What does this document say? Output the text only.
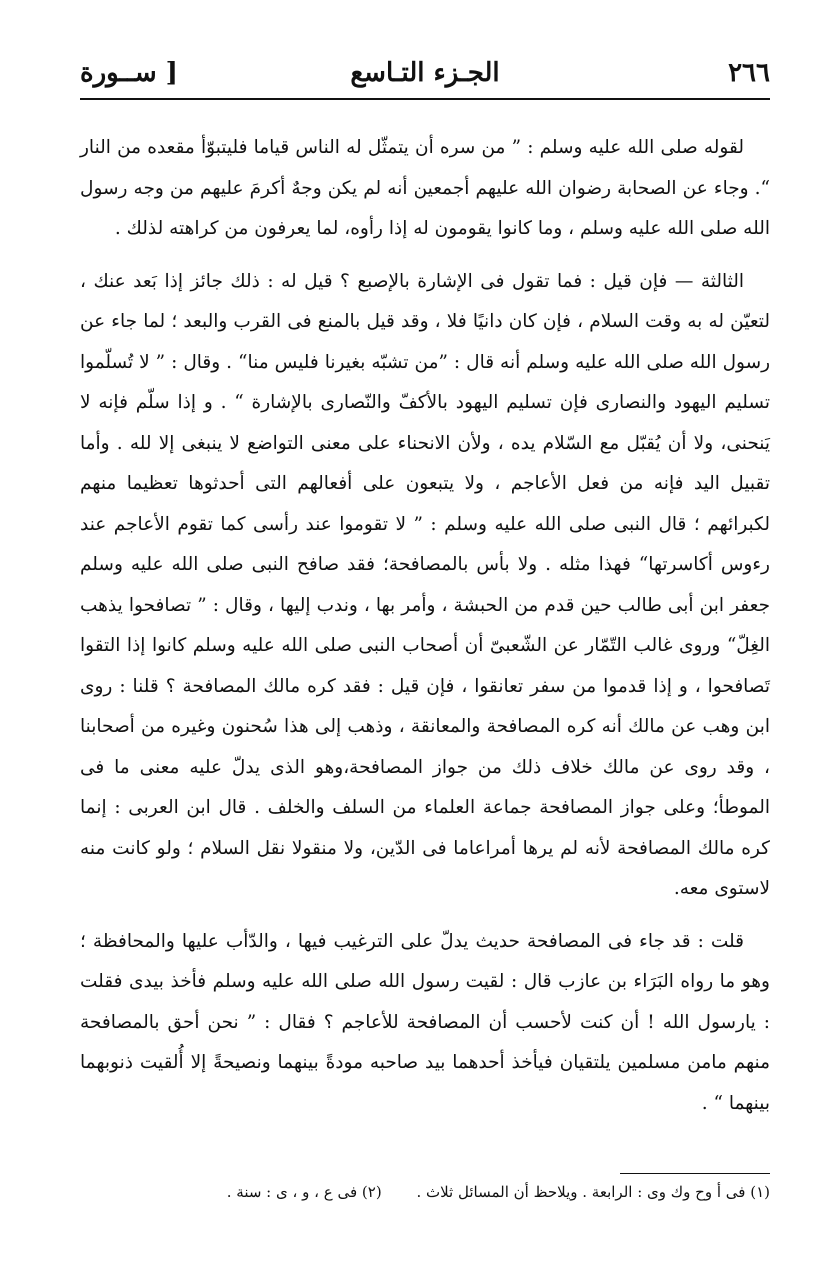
٢٦٦
الجـزء التـاسع
[ ســورة

لقوله صلى الله عليه وسلم : ” من سره أن يتمثّل له الناس قياما فليتبوّأ مقعده من النار “. وجاء عن الصحابة رضوان الله عليهم أجمعين أنه لم يكن وجهٌ أكرمَ عليهم من وجه رسول الله صلى الله عليه وسلم ، وما كانوا يقومون له إذا رأوه، لما يعرفون من كراهته لذلك .

الثالثة — فإن قيل : فما تقول فى الإشارة بالإصبع ؟ قيل له : ذلك جائز إذا بَعد عنك ، لتعيّن له به وقت السلام ، فإن كان دانيًا فلا ، وقد قيل بالمنع فى القرب والبعد ؛ لما جاء عن رسول الله صلى الله عليه وسلم أنه قال : ”من تشبّه بغيرنا فليس منا“ . وقال : ” لا تُسلّموا تسليم اليهود والنصارى فإن تسليم اليهود بالأكفّ والنّصارى بالإشارة “ . و إذا سلّم فإنه لا يَنحنى، ولا أن يُقبّل مع السّلام يده ، ولأن الانحناء على معنى التواضع لا ينبغى إلا لله . وأما تقبيل اليد فإنه من فعل الأعاجم ، ولا يتبعون على أفعالهم التى أحدثوها تعظيما منهم لكبرائهم ؛ قال النبى صلى الله عليه وسلم : ” لا تقوموا عند رأسى كما تقوم الأعاجم عند رءوس أكاسرتها“ فهذا مثله . ولا بأس بالمصافحة؛ فقد صافح النبى صلى الله عليه وسلم جعفر ابن أبى طالب حين قدم من الحبشة ، وأمر بها ، وندب إليها ، وقال : ” تصافحوا يذهب الغِلّ“ وروى غالب التّمّار عن الشّعبىّ أن أصحاب النبى صلى الله عليه وسلم كانوا إذا التقوا تَصافحوا ، و إذا قدموا من سفر تعانقوا ، فإن قيل : فقد كره مالك المصافحة ؟ قلنا : روى ابن وهب عن مالك أنه كره المصافحة والمعانقة ، وذهب إلى هذا سُحنون وغيره من أصحابنا ، وقد روى عن مالك خلاف ذلك من جواز المصافحة،وهو الذى يدلّ عليه معنى ما فى الموطأ؛ وعلى جواز المصافحة جماعة العلماء من السلف والخلف . قال ابن العربى : إنما كره مالك المصافحة لأنه لم يرها أمراعاما فى الدّين، ولا منقولا نقل السلام ؛ ولو كانت منه لاستوى معه.

قلت : قد جاء فى المصافحة حديث يدلّ على الترغيب فيها ، والدّأب عليها والمحافظة ؛ وهو ما رواه البَرَاء بن عازب قال : لقيت رسول الله صلى الله عليه وسلم فأخذ بيدى فقلت : يارسول الله ! أن كنت لأحسب أن المصافحة للأعاجم ؟ فقال : ” نحن أحق بالمصافحة منهم مامن مسلمين يلتقيان فيأخذ أحدهما بيد صاحبه مودةً بينهما ونصيحةً إلا أُلقيت ذنوبهما بينهما “ .

(١) فى أ وح وك وى : الرابعة . ويلاحظ أن المسائل ثلاث . (٢) فى ع ، و ، ى : سنة .
